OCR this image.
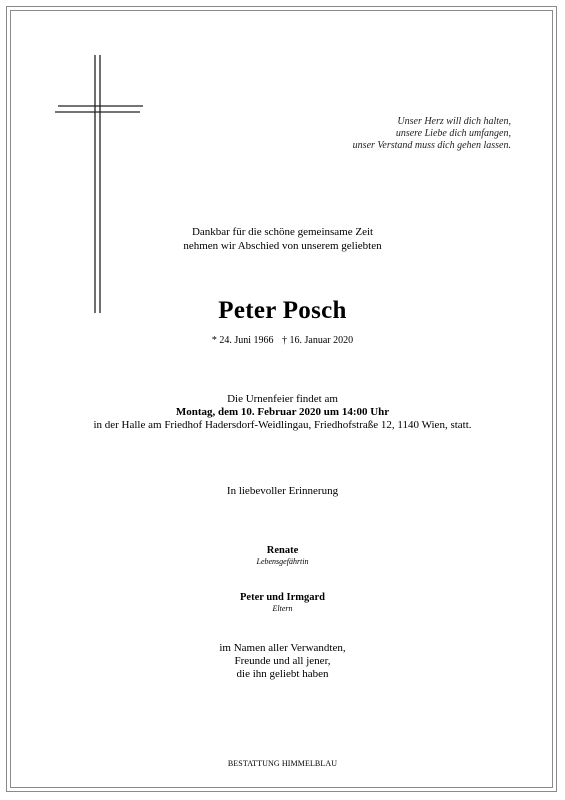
Unser Herz will dich halten,
unsere Liebe dich umfangen,
unser Verstand muss dich gehen lassen.
Dankbar für die schöne gemeinsame Zeit
nehmen wir Abschied von unserem geliebten
Peter Posch
* 24. Juni 1966 † 16. Januar 2020
Die Urnenfeier findet am
Montag, dem 10. Februar 2020 um 14:00 Uhr
in der Halle am Friedhof Hadersdorf-Weidlingau, Friedhofstraße 12, 1140 Wien, statt.
In liebevoller Erinnerung
Renate
Lebensgefährtin
Peter und Irmgard
Eltern
im Namen aller Verwandten,
Freunde und all jener,
die ihn geliebt haben
BESTATTUNG HIMMELBLAU
